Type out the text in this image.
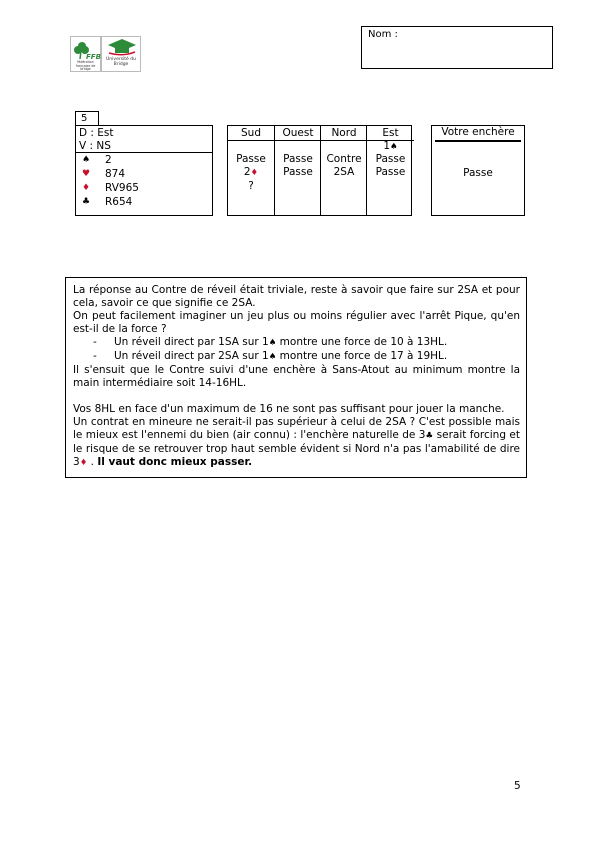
FFB
fédération française de bridge
Université du Bridge
Nom :
5
D : Est
V : NS
♠ 2
♥ 874
♦ RV965
♣ R654
Sud
Passe
2♦
?
Ouest
Passe
Passe
Nord
Contre
2SA
Est
1♠
Passe
Passe
Votre enchère
Passe

La réponse au Contre de réveil était triviale, reste à savoir que faire sur 2SA et pour cela, savoir ce que signifie ce 2SA.

On peut facilement imaginer un jeu plus ou moins régulier avec l'arrêt Pique, qu'en est-il de la force ?

- Un réveil direct par 1SA sur 1♠ montre une force de 10 à 13HL.

- Un réveil direct par 2SA sur 1♠ montre une force de 17 à 19HL.

Il s'ensuit que le Contre suivi d'une enchère à Sans-Atout au minimum montre la main intermédiaire soit 14-16HL.

Vos 8HL en face d'un maximum de 16 ne sont pas suffisant pour jouer la manche.

Un contrat en mineure ne serait-il pas supérieur à celui de 2SA ? C'est possible mais le mieux est l'ennemi du bien (air connu) : l'enchère naturelle de 3♣ serait forcing et le risque de se retrouver trop haut semble évident si Nord n'a pas l'amabilité de dire 3♦ . Il vaut donc mieux passer.

5
